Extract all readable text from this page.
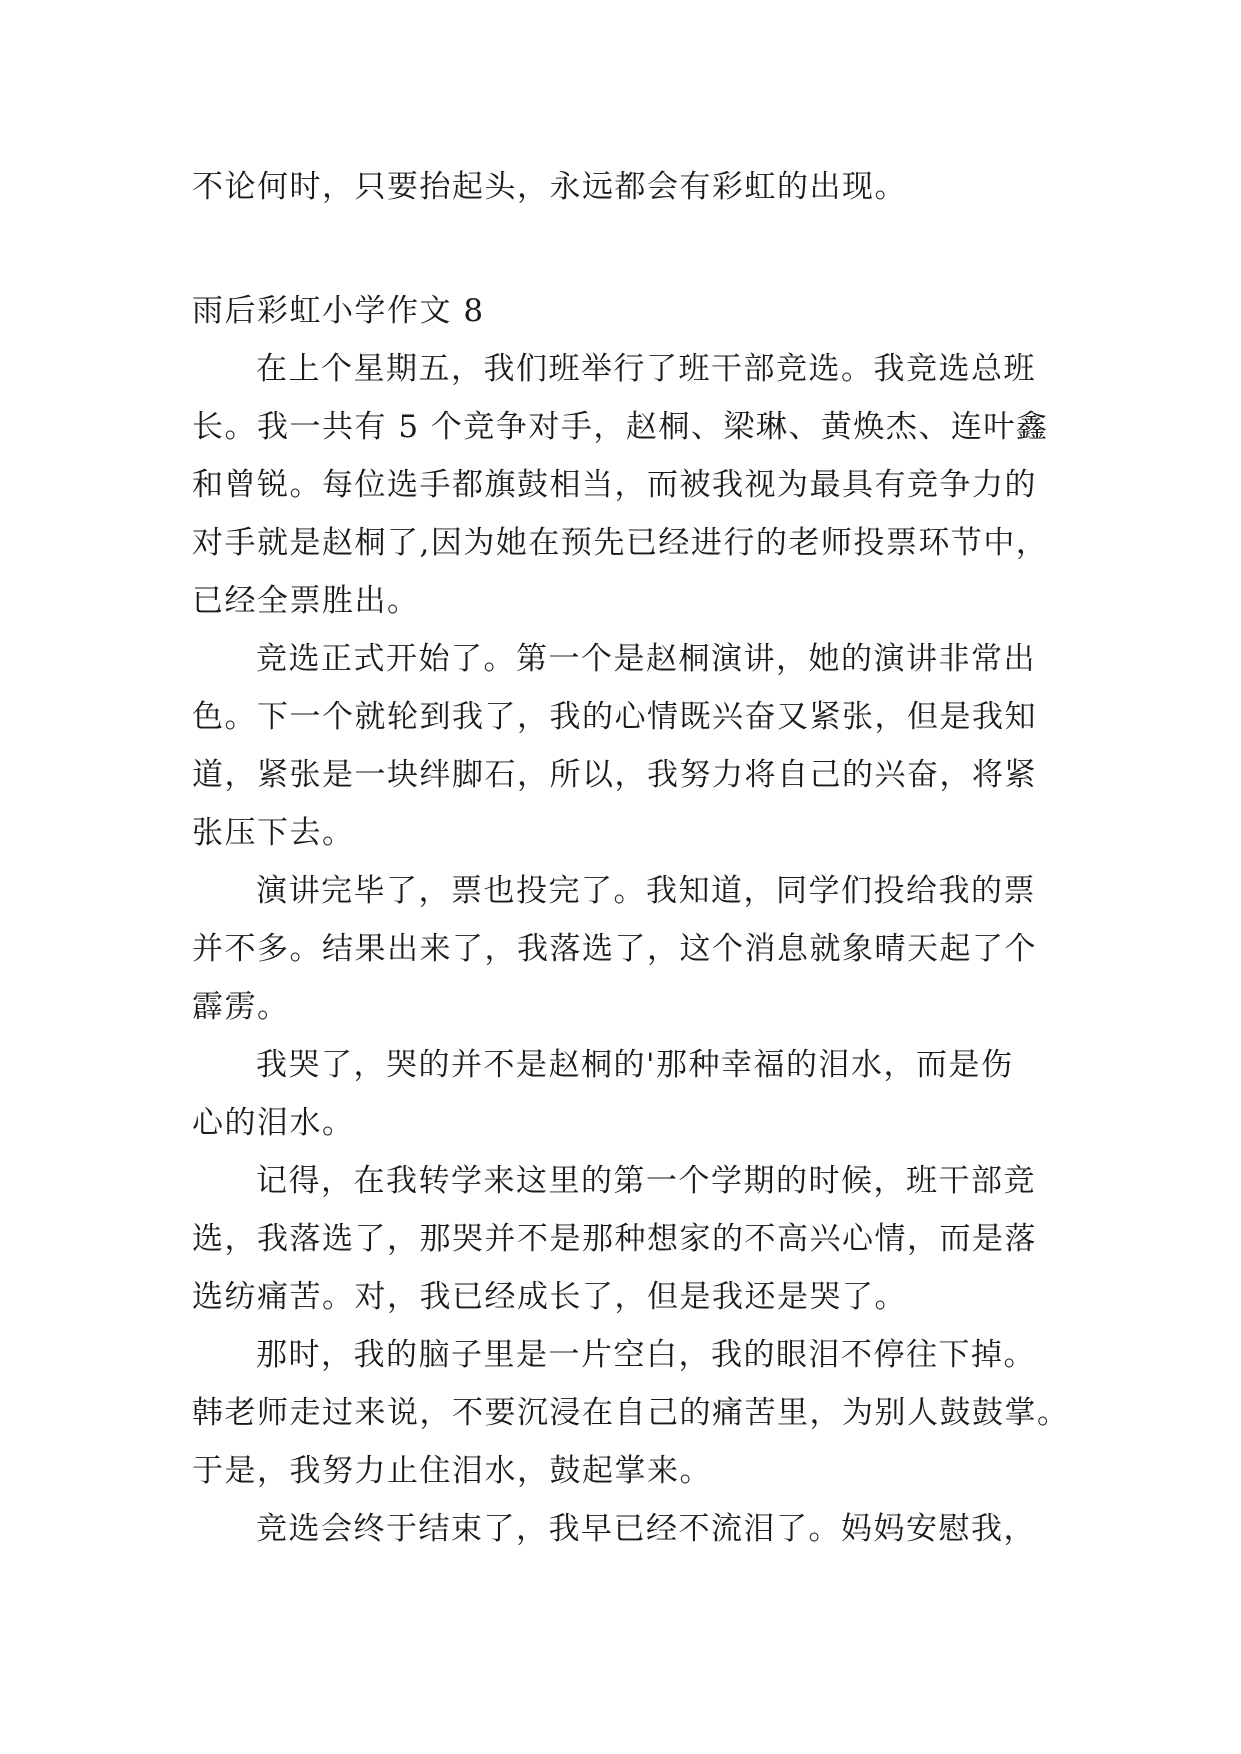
不论何时，只要抬起头，永远都会有彩虹的出现。

雨后彩虹小学作文 8

在上个星期五，我们班举行了班干部竞选。我竞选总班
长。我一共有 5 个竞争对手，赵桐、梁琳、黄焕杰、连叶鑫
和曾锐。每位选手都旗鼓相当，而被我视为最具有竞争力的
对手就是赵桐了,因为她在预先已经进行的老师投票环节中，
已经全票胜出。

竞选正式开始了。第一个是赵桐演讲，她的演讲非常出
色。下一个就轮到我了，我的心情既兴奋又紧张，但是我知
道，紧张是一块绊脚石，所以，我努力将自己的兴奋，将紧
张压下去。

演讲完毕了，票也投完了。我知道，同学们投给我的票
并不多。结果出来了，我落选了，这个消息就象晴天起了个
霹雳。

我哭了，哭的并不是赵桐的'那种幸福的泪水，而是伤
心的泪水。

记得，在我转学来这里的第一个学期的时候，班干部竞
选，我落选了，那哭并不是那种想家的不高兴心情，而是落
选纺痛苦。对，我已经成长了，但是我还是哭了。

那时，我的脑子里是一片空白，我的眼泪不停往下掉。
韩老师走过来说，不要沉浸在自己的痛苦里，为别人鼓鼓掌。
于是，我努力止住泪水，鼓起掌来。

竞选会终于结束了，我早已经不流泪了。妈妈安慰我，
